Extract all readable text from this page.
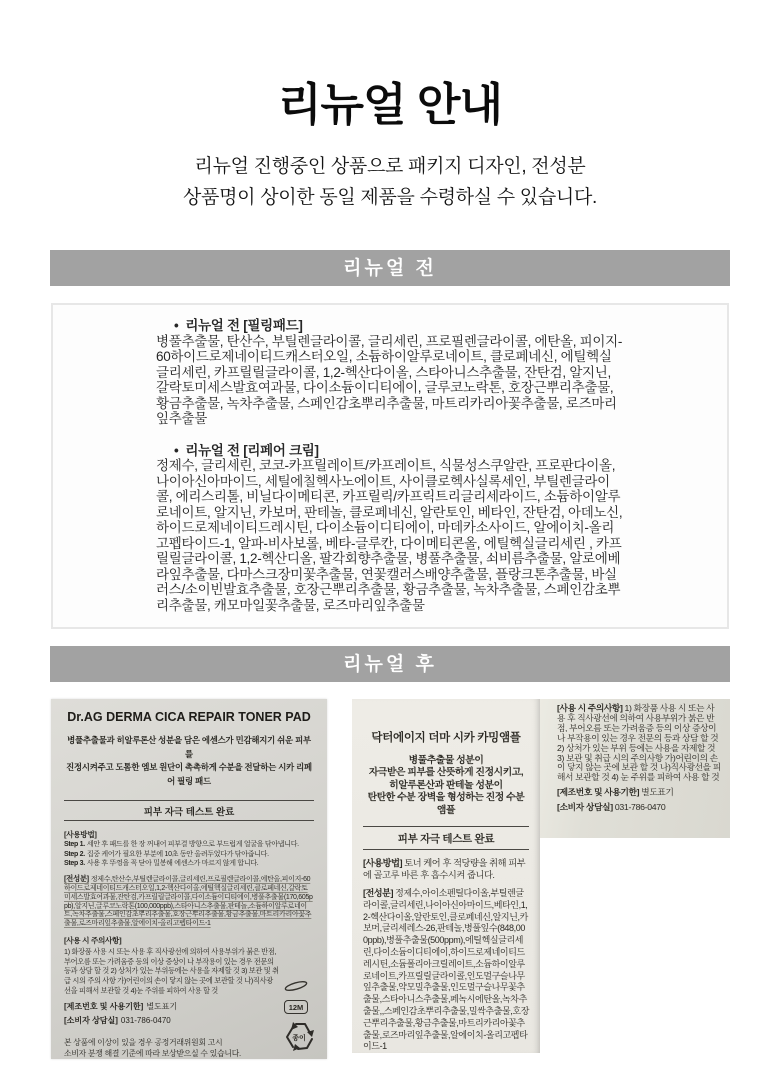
리뉴얼 안내
리뉴얼 진행중인 상품으로 패키지 디자인, 전성분
상품명이 상이한 동일 제품을 수령하실 수 있습니다.
리뉴얼 전
•  리뉴얼 전 [필링패드]
병풀추출물, 탄산수, 부틸렌글라이콜, 글리세린, 프로필렌글라이콜, 에탄올, 피이지-60하이드로제네이티드캐스터오일, 소듐하이알루로네이트, 클로페네신, 에틸헥실글리세린, 카프릴릴글라이콜, 1,2-헥산다이올, 스타아니스추출물, 잔탄검, 알지닌, 갈락토미세스발효여과물, 다이소듐이디티에이, 글루코노락톤, 호장근뿌리추출물, 황금추출물, 녹차추출물, 스페인감초뿌리추출물, 마트리카리아꽃추출물, 로즈마리잎추출물
•  리뉴얼 전 [리페어 크림]
정제수, 글리세린, 코코-카프릴레이트/카프레이트, 식물성스쿠알란, 프로판다이올, 나이아신아마이드, 세틸에칠헥사노에이트, 사이클로헥사실록세인, 부틸렌글라이콜, 에리스리톨, 비닐다이메티콘, 카프릴릭/카프릭트리글리세라이드, 소듐하이알루로네이트, 알지닌, 카보머, 판테놀, 클로페네신, 알란토인, 베타인, 잔탄검, 아데노신, 하이드로제네이티드레시틴, 다이소듐이디티에이, 마데카소사이드, 알에이치-올리고펩타이드-1, 알파-비사보롤, 베타-글루칸, 다이메티콘올, 에틸헥실글리세린 , 카프릴릴글라이콜, 1,2-헥산디올, 팔각회향추출물, 병풀추출물, 쇠비름추출물, 알로에베라잎추출물, 다마스크장미꽃추출물, 연꽃캘러스배양추출물, 플랑크톤추출물, 바실러스/소이빈발효추출물, 호장근뿌리추출물, 황금추출물, 녹차추출물, 스페인감초뿌리추출물, 캐모마일꽃추출물, 로즈마리잎추출물
리뉴얼 후
Dr.AG DERMA CICA REPAIR TONER PAD
병풀추출물과 히알루론산 성분을 담은 에센스가 민감해지기 쉬운 피부를
진정시켜주고 도톰한 엠보 원단이 촉촉하게 수분을 전달하는 시카 리페어 필링 패드
피부 자극 테스트 완료
[사용방법]
Step 1. 세안 후 패드를 한 장 꺼내어 피부결 방향으로 부드럽게 얼굴을 닦아냅니다.
Step 2. 집중 케어가 필요한 부분에 10초 동안 올려두었다가 닦아줍니다.
Step 3. 사용 후 뚜껑을 꼭 닫아 밀봉해 에센스가 마르지 않게 합니다.
[전성분] 정제수,탄산수,부틸렌글라이콜,글리세린,프로필렌글라이콜,에탄올,피이지-60하이드로제네이티드캐스터오일,1,2-헥산다이올,에틸헥실글리세린,클로페네신,갈락토미세스발효여과물,잔탄검,카프릴릴글라이콜,다이소듐이디티에이,병풀추출물(170,605ppb),알지닌,글루코노락톤(100,000ppb),스타아니스추출물,판테놀,소듐하이알루로네이트,녹차추출물,스페인감초뿌리추출물,호장근뿌리추출물,황금추출물,마트리카리아꽃추출물,로즈마리잎추출물,알에이치-올리고펩타이드-1
[사용 시 주의사항]
1) 화장품 사용 시 또는 사용 후 직사광선에 의하여 사용부위가 붉은 반점, 부어오름 또는 가려움증 등의 이상 증상이 나 부작용이 있는 경우 전문의 등과 상담 할 것 2) 상처가 있는 부위등에는 사용을 자제할 것 3) 보관 및 취급 시의 주의 사항 가)어린이의 손이 닿지 않는 곳에 보관할 것 나)직사광선을 피해서 보관할 것 4)눈 주위를 피하여 사용 할 것
[제조번호 및 사용기한] 별도표기
[소비자 상담실] 031-786-0470
본 상품에 이상이 있을 경우 공정거래위원회 고시
소비자 분쟁 해결 기준에 따라 보상받으실 수 있습니다.
12M
종이
닥터에이지 더마 시카 카밍앰플
병풀추출물 성분이
자극받은 피부를 산뜻하게 진정시키고,
히알루론산과 판테놀 성분이
탄탄한 수분 장벽을 형성하는 진정 수분 앰플
피부 자극 테스트 완료
[사용방법] 토너 케어 후 적당량을 취해 피부에 골고루 바른 후 흡수시켜 줍니다.
[전성분] 정제수,아이소펜틸다이올,부틸렌글라이콜,글리세린,나이아신아마이드,베타인,1,2-헥산다이올,알란토인,클로페네신,알지닌,카보머,글리세레스-26,판테놀,병풀잎수(848,000ppb),병풀추출물(500ppm),에틸헥실글리세린,다이소듐이디티에이,하이드로제네이티드레시틴,소듐폴리아크릴레이트,소듐하이알루로네이트,카프릴릴글라이콜,인도멀구슬나무잎추출물,약모밀추출물,인도멀구슬나무꽃추출물,스타아니스추출물,페녹시에탄올,녹차추출물,,스페인감초뿌리추출물,밀싹추출물,호장근뿌리추출물,황금추출물,마트리카리아꽃추출물,로즈마리잎추출물,알에이치-올리고펩타이드-1
[사용 시 주의사항] 1) 화장품 사용 시 또는 사용 후 직사광선에 의하여 사용부위가 붉은 반점, 부어오름 또는 가려움증 등의 이상 증상이나 부작용이 있는 경우 전문의 등과 상담 할 것 2) 상처가 있는 부위 등에는 사용을 자제할 것 3) 보관 및 취급 시의 주의사항 가)어린이의 손이 닿지 않는 곳에 보관 할 것 나)직사광선을 피해서 보관할 것 4) 눈 주위를 피하여 사용 할 것
[제조번호 및 사용기한] 별도표기
[소비자 상담실] 031-786-0470
